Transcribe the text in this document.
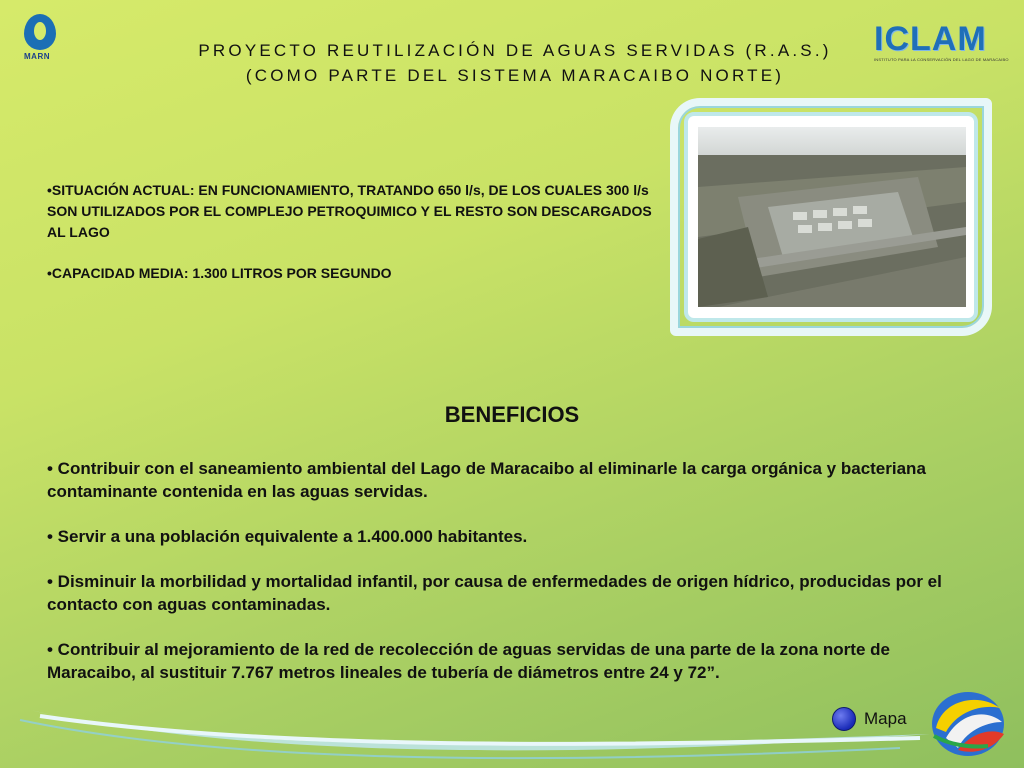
MARN	PROYECTO REUTILIZACIÓN DE AGUAS SERVIDAS (R.A.S.)
(COMO PARTE DEL SISTEMA MARACAIBO NORTE)
ICLAM
INSTITUTO PARA LA CONSERVACIÓN DEL LAGO DE MARACAIBO

•SITUACIÓN ACTUAL: EN FUNCIONAMIENTO, TRATANDO 650 l/s, DE LOS CUALES 300 l/s SON UTILIZADOS POR EL COMPLEJO PETROQUIMICO Y EL RESTO SON DESCARGADOS AL LAGO

•CAPACIDAD MEDIA: 1.300 LITROS POR SEGUNDO

BENEFICIOS

• Contribuir con el saneamiento ambiental del Lago de Maracaibo al eliminarle la carga orgánica y bacteriana contaminante contenida en las aguas servidas.

• Servir a una población equivalente a 1.400.000 habitantes.

• Disminuir la morbilidad y mortalidad infantil, por causa de enfermedades de origen hídrico, producidas por el contacto con aguas contaminadas.

• Contribuir al mejoramiento de la red de recolección de aguas servidas de una parte de la zona norte de Maracaibo, al sustituir 7.767 metros lineales de tubería de diámetros entre 24 y 72”.

Mapa
